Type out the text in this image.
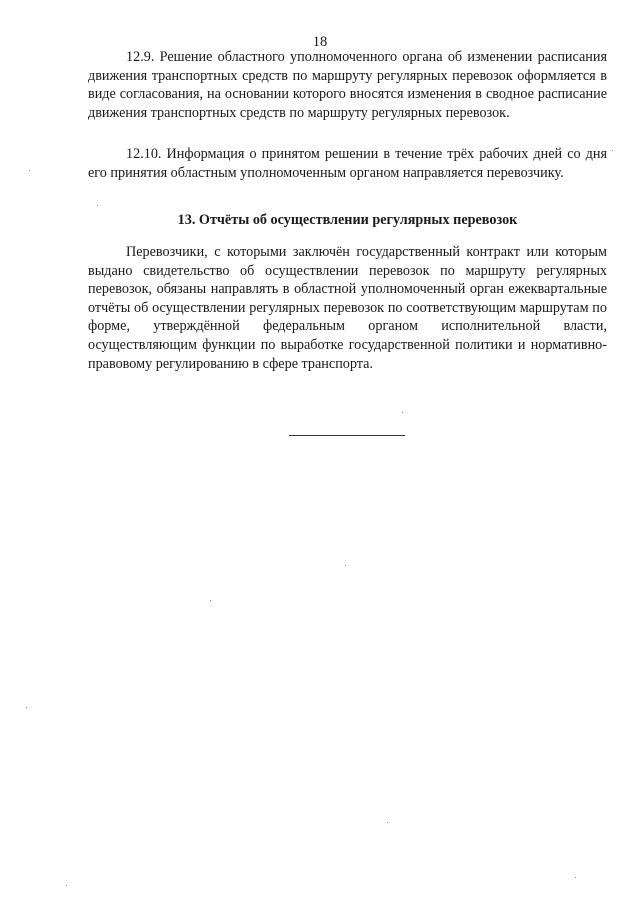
18

12.9. Решение областного уполномоченного органа об изменении расписания движения транспортных средств по маршруту регулярных перевозок оформляется в виде согласования, на основании которого вносятся изменения в сводное расписание движения транспортных средств по маршруту регулярных перевозок.

12.10. Информация о принятом решении в течение трёх рабочих дней со дня его принятия областным уполномоченным органом направляется перевозчику.

13. Отчёты об осуществлении регулярных перевозок

Перевозчики, с которыми заключён государственный контракт или которым выдано свидетельство об осуществлении перевозок по маршруту регулярных перевозок, обязаны направлять в областной уполномоченный орган ежеквартальные отчёты об осуществлении регулярных перевозок по соответствующим маршрутам по форме, утверждённой федеральным органом исполнительной власти, осуществляющим функции по выработке государственной политики и нормативно-правовому регулированию в сфере транспорта.
